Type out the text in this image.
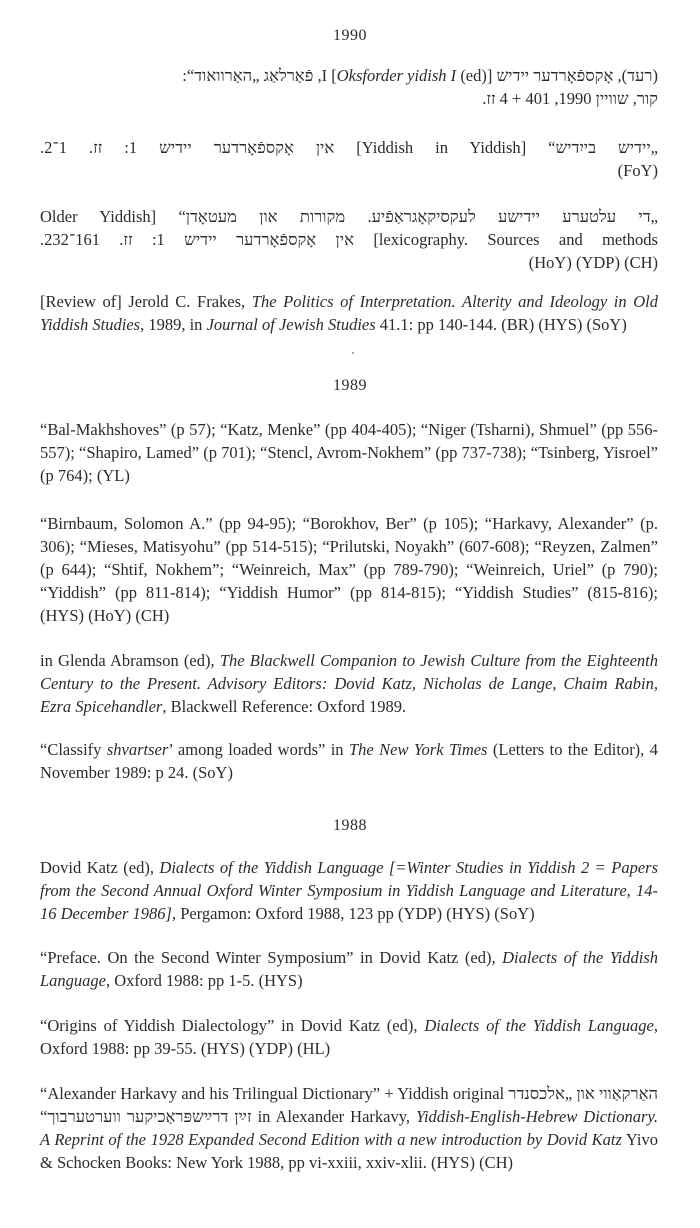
1990
(רעד), אָקספֿאָרדער יידיש I [Oksforder yidish I (ed)], פֿאַרלאַג „האַרוואוד“:
קור, שוויין 1990, 401 + 4 זז.
„יידיש בייִדיש“ [Yiddish in Yiddish] אין אָקספֿאָרדער יידיש 1: זז. 1־2.
(FoY)
„די עלטערע יידישע לעקסיקאָגראַפֿיע. מקורות און מעטאָדן“ [Older Yiddish
lexicography. Sources and methods] אין אָקספֿאָרדער יידיש 1: זז. 161־232.
(HoY) (YDP) (CH)
[Review of] Jerold C. Frakes, The Politics of Interpretation. Alterity and Ideology in Old Yiddish Studies, 1989, in Journal of Jewish Studies 41.1: pp 140-144. (BR) (HYS) (SoY)
1989
“Bal-Makhshoves” (p 57); “Katz, Menke” (pp 404-405); “Niger (Tsharni), Shmuel” (pp 556-557); “Shapiro, Lamed” (p 701); “Stencl, Avrom-Nokhem” (pp 737-738); “Tsinberg, Yisroel” (p 764); (YL)
“Birnbaum, Solomon A.” (pp 94-95); “Borokhov, Ber” (p 105); “Harkavy, Alexander” (p. 306); “Mieses, Matisyohu” (pp 514-515); “Prilutski, Noyakh” (607-608); “Reyzen, Zalmen” (p 644); “Shtif, Nokhem”; “Weinreich, Max” (pp 789-790); “Weinreich, Uriel” (p 790); “Yiddish” (pp 811-814); “Yiddish Humor” (pp 814-815); “Yiddish Studies” (815-816); (HYS) (HoY) (CH)
in Glenda Abramson (ed), The Blackwell Companion to Jewish Culture from the Eighteenth Century to the Present. Advisory Editors: Dovid Katz, Nicholas de Lange, Chaim Rabin, Ezra Spicehandler, Blackwell Reference: Oxford 1989.
“Classify shvartser’ among loaded words” in The New York Times (Letters to the Editor), 4 November 1989: p 24. (SoY)
1988
Dovid Katz (ed), Dialects of the Yiddish Language [=Winter Studies in Yiddish 2 = Papers from the Second Annual Oxford Winter Symposium in Yiddish Language and Literature, 14-16 December 1986], Pergamon: Oxford 1988, 123 pp (YDP) (HYS) (SoY)
“Preface. On the Second Winter Symposium” in Dovid Katz (ed), Dialects of the Yiddish Language, Oxford 1988: pp 1-5. (HYS)
“Origins of Yiddish Dialectology” in Dovid Katz (ed), Dialects of the Yiddish Language, Oxford 1988: pp 39-55. (HYS) (YDP) (HL)
“Alexander Harkavy and his Trilingual Dictionary” + Yiddish original „אלכסנדר האַרקאַווי און זײַן דרײַשפּראַכיקער ווערטערבוך“ in Alexander Harkavy, Yiddish-English-Hebrew Dictionary. A Reprint of the 1928 Expanded Second Edition with a new introduction by Dovid Katz Yivo & Schocken Books: New York 1988, pp vi-xxiii, xxiv-xlii. (HYS) (CH)
